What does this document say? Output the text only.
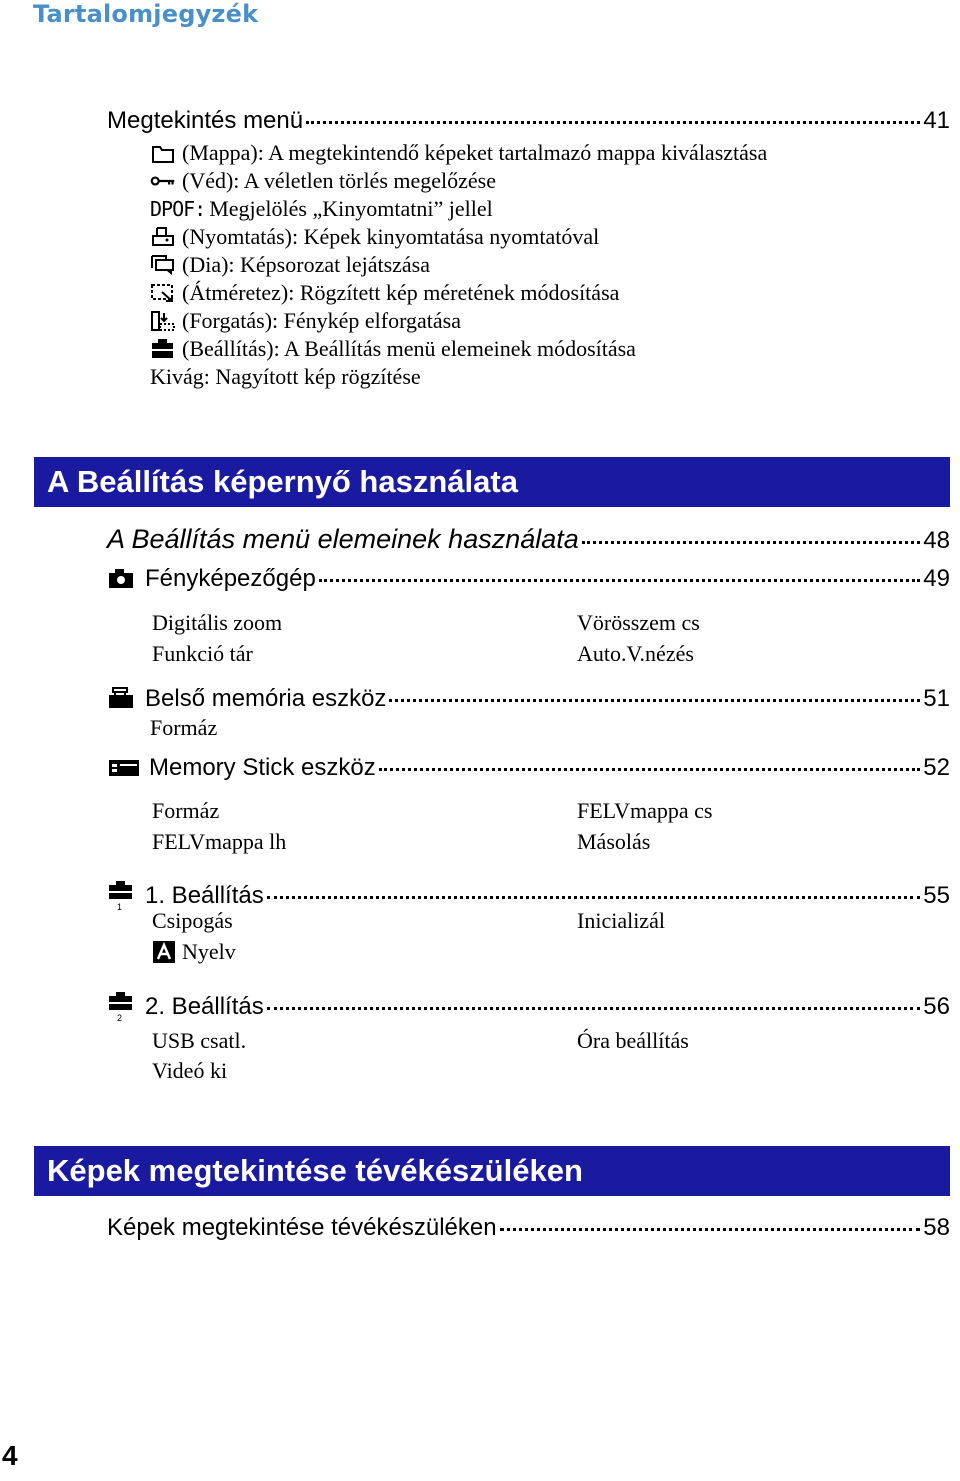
Tartalomjegyzék
Megtekintés menü	41
(Mappa): A megtekintendő képeket tartalmazó mappa kiválasztása
(Véd): A véletlen törlés megelőzése
DPOF: Megjelölés „Kinyomtatni” jellel
(Nyomtatás): Képek kinyomtatása nyomtatóval
(Dia): Képsorozat lejátszása
(Átméretez): Rögzített kép méretének módosítása
(Forgatás): Fénykép elforgatása
(Beállítás): A Beállítás menü elemeinek módosítása
Kivág: Nagyított kép rögzítése
A Beállítás képernyő használata
A Beállítás menü elemeinek használata	48
Fényképezőgép	49
Digitális zoom	Vörösszem cs
Funkció tár	Auto.V.nézés
Belső memória eszköz	51
Formáz
Memory Stick eszköz	52
Formáz	FELVmappa cs
FELVmappa lh	Másolás
1 1. Beállítás	55
Csipogás	Inicializál
Nyelv
2 2. Beállítás	56
USB csatl.	Óra beállítás
Videó ki
Képek megtekintése tévékészüléken
Képek megtekintése tévékészüléken	58
4
